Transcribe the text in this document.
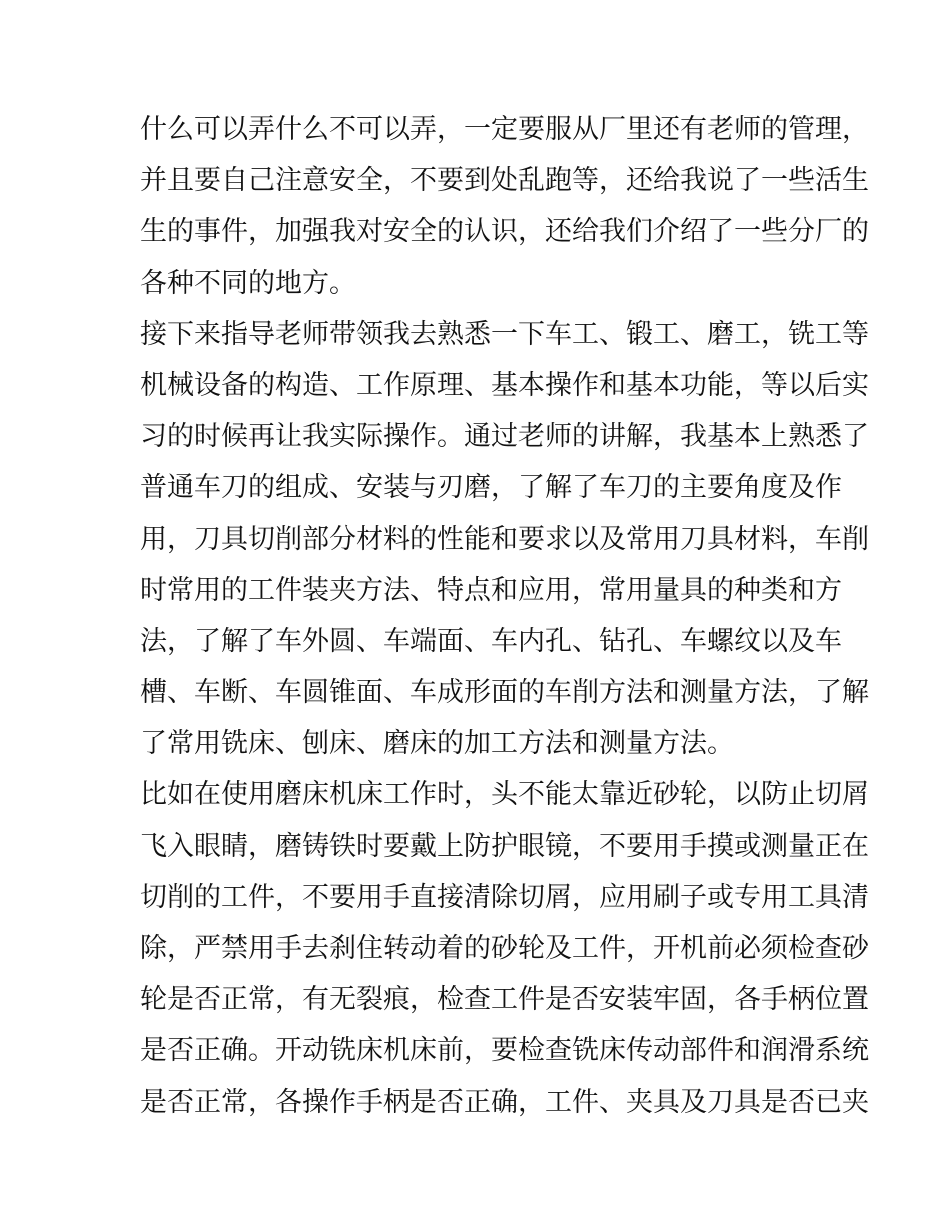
什么可以弄什么不可以弄，一定要服从厂里还有老师的管理，
并且要自己注意安全，不要到处乱跑等，还给我说了一些活生
生的事件，加强我对安全的认识，还给我们介绍了一些分厂的
各种不同的地方。
接下来指导老师带领我去熟悉一下车工、锻工、磨工，铣工等
机械设备的构造、工作原理、基本操作和基本功能，等以后实
习的时候再让我实际操作。通过老师的讲解，我基本上熟悉了
普通车刀的组成、安装与刃磨，了解了车刀的主要角度及作
用，刀具切削部分材料的性能和要求以及常用刀具材料，车削
时常用的工件装夹方法、特点和应用，常用量具的种类和方
法，了解了车外圆、车端面、车内孔、钻孔、车螺纹以及车
槽、车断、车圆锥面、车成形面的车削方法和测量方法，了解
了常用铣床、刨床、磨床的加工方法和测量方法。
比如在使用磨床机床工作时，头不能太靠近砂轮，以防止切屑
飞入眼睛，磨铸铁时要戴上防护眼镜，不要用手摸或测量正在
切削的工件，不要用手直接清除切屑，应用刷子或专用工具清
除，严禁用手去刹住转动着的砂轮及工件，开机前必须检查砂
轮是否正常，有无裂痕，检查工件是否安装牢固，各手柄位置
是否正确。开动铣床机床前，要检查铣床传动部件和润滑系统
是否正常，各操作手柄是否正确，工件、夹具及刀具是否已夹
